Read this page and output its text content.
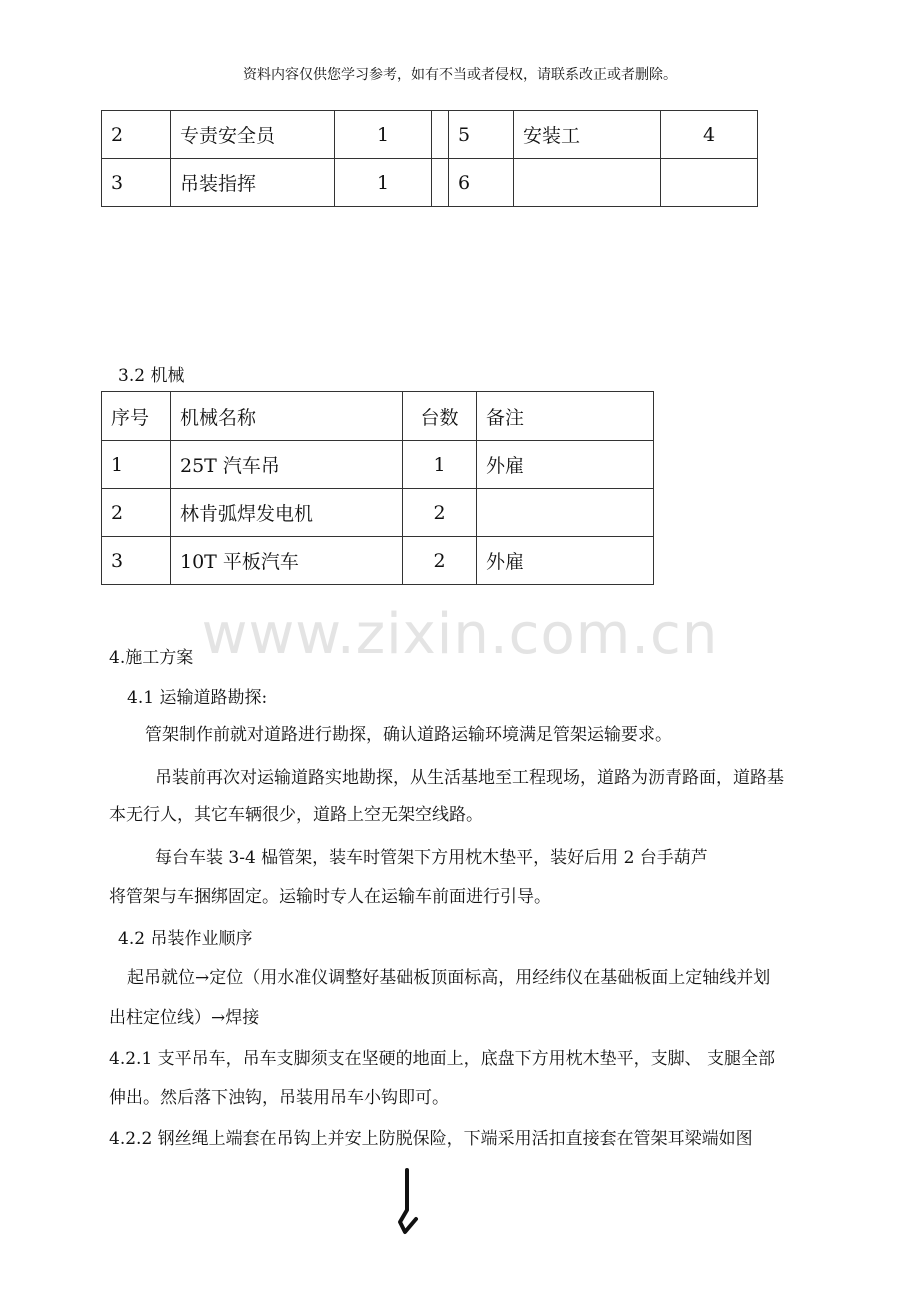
资料内容仅供您学习参考，如有不当或者侵权，请联系改正或者删除。
2	专责安全员	1		5	安装工	4
3	吊装指挥	1		6		
3.2 机械
序号	机械名称	台数	备注
1	25T 汽车吊	1	外雇
2	林肯弧焊发电机	2	
3	10T 平板汽车	2	外雇
www.zixin.com.cn
4.施工方案
4.1 运输道路勘探:
管架制作前就对道路进行勘探，确认道路运输环境满足管架运输要求。
吊装前再次对运输道路实地勘探，从生活基地至工程现场，道路为沥青路面，道路基
本无行人，其它车辆很少，道路上空无架空线路。
每台车装 3-4 榀管架，装车时管架下方用枕木垫平，装好后用 2 台手葫芦
将管架与车捆绑固定。运输时专人在运输车前面进行引导。
4.2 吊装作业顺序
起吊就位→定位（用水准仪调整好基础板顶面标高，用经纬仪在基础板面上定轴线并划
出柱定位线）→焊接
4.2.1 支平吊车，吊车支脚须支在坚硬的地面上，底盘下方用枕木垫平，支脚、 支腿全部
伸出。然后落下浊钩，吊装用吊车小钩即可。
4.2.2 钢丝绳上端套在吊钩上并安上防脱保险，下端采用活扣直接套在管架耳梁端如图
